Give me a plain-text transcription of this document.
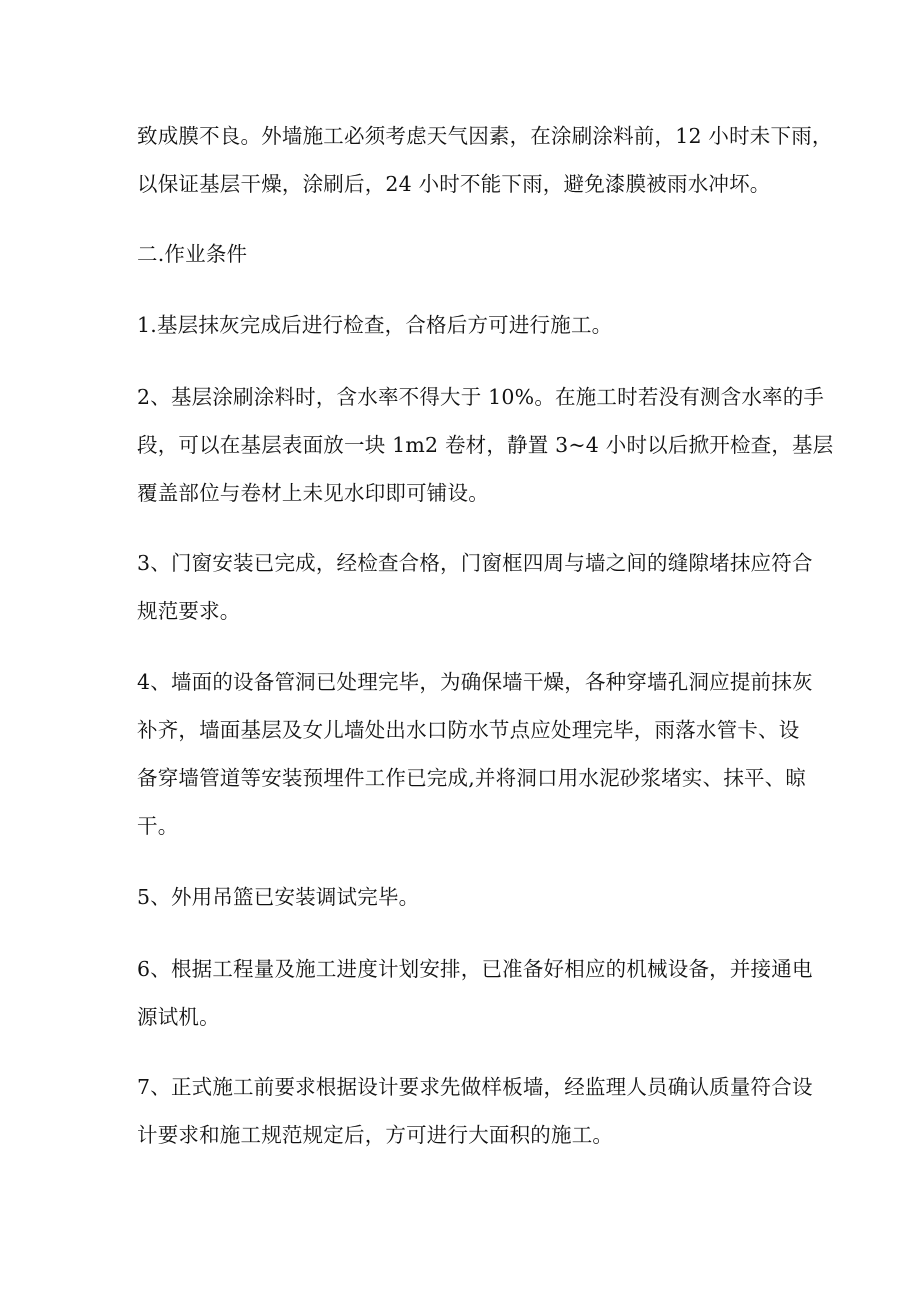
致成膜不良。外墙施工必须考虑天气因素，在涂刷涂料前，12 小时未下雨，

以保证基层干燥，涂刷后，24 小时不能下雨，避免漆膜被雨水冲坏。

二.作业条件

1.基层抹灰完成后进行检查，合格后方可进行施工。

2、基层涂刷涂料时，含水率不得大于 10%。在施工时若没有测含水率的手

段，可以在基层表面放一块 1m2 卷材，静置 3~4 小时以后掀开检查，基层

覆盖部位与卷材上未见水印即可铺设。

3、门窗安装已完成，经检查合格，门窗框四周与墙之间的缝隙堵抹应符合

规范要求。

4、墙面的设备管洞已处理完毕，为确保墙干燥，各种穿墙孔洞应提前抹灰

补齐，墙面基层及女儿墙处出水口防水节点应处理完毕，雨落水管卡、设

备穿墙管道等安装预埋件工作已完成,并将洞口用水泥砂浆堵实、抹平、晾

干。

5、外用吊篮已安装调试完毕。

6、根据工程量及施工进度计划安排，已准备好相应的机械设备，并接通电

源试机。

7、正式施工前要求根据设计要求先做样板墙，经监理人员确认质量符合设

计要求和施工规范规定后，方可进行大面积的施工。
